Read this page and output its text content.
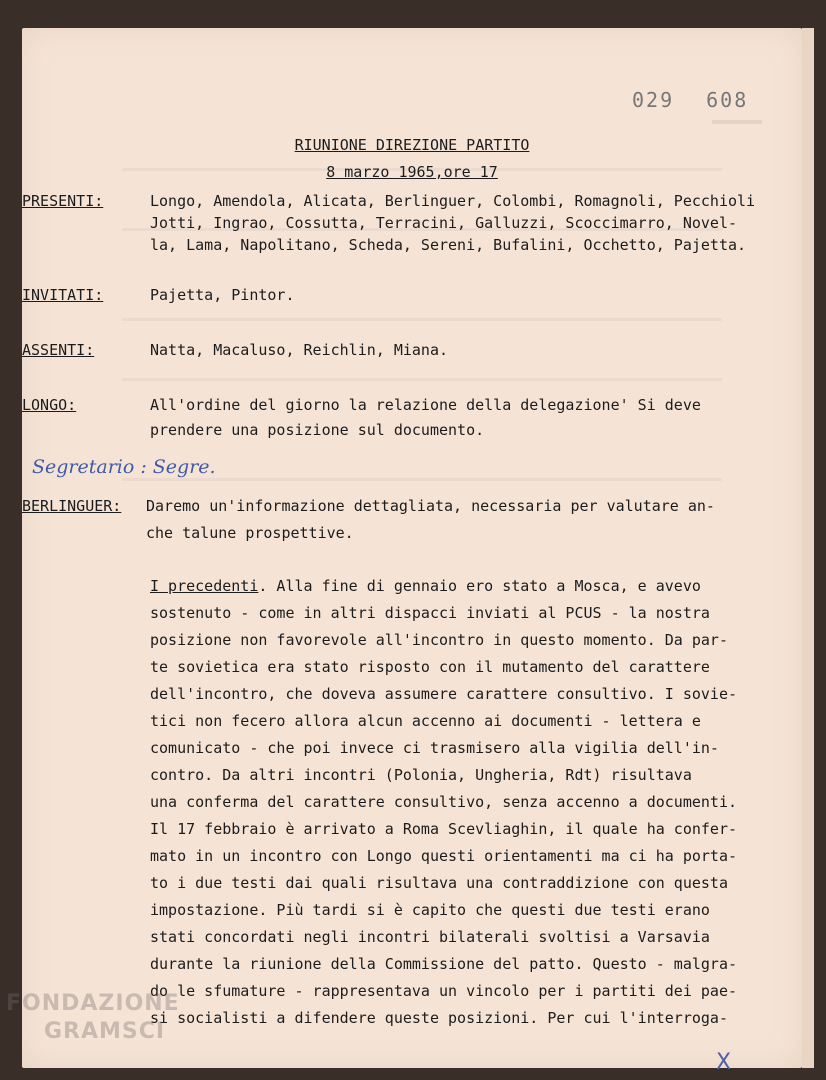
029 608
RIUNIONE DIREZIONE PARTITO
8 marzo 1965,ore 17
PRESENTI:	Longo, Amendola, Alicata, Berlinguer, Colombi, Romagnoli, Pecchioli
Jotti, Ingrao, Cossutta, Terracini, Galluzzi, Scoccimarro, Novel-
la, Lama, Napolitano, Scheda, Sereni, Bufalini, Occhetto, Pajetta.
INVITATI:	Pajetta, Pintor.
ASSENTI:	Natta, Macaluso, Reichlin, Miana.
LONGO:	All'ordine del giorno la relazione della delegazione' Si deve
prendere una posizione sul documento.
Segretario : Segre.
BERLINGUER:	Daremo un'informazione dettagliata, necessaria per valutare an-
che talune prospettive.
I precedenti. Alla fine di gennaio ero stato a Mosca, e avevo
sostenuto - come in altri dispacci inviati al PCUS - la nostra
posizione non favorevole all'incontro in questo momento. Da par-
te sovietica era stato risposto con il mutamento del carattere
dell'incontro, che doveva assumere carattere consultivo. I sovie-
tici non fecero allora alcun accenno ai documenti - lettera e
comunicato - che poi invece ci trasmisero alla vigilia dell'in-
contro. Da altri incontri (Polonia, Ungheria, Rdt) risultava
una conferma del carattere consultivo, senza accenno a documenti.
Il 17 febbraio è arrivato a Roma Scevliaghin, il quale ha confer-
mato in un incontro con Longo questi orientamenti ma ci ha porta-
to i due testi dai quali risultava una contraddizione con questa
impostazione. Più tardi si è capito che questi due testi erano
stati concordati negli incontri bilaterali svoltisi a Varsavia
durante la riunione della Commissione del patto. Questo - malgra-
do le sfumature - rappresentava un vincolo per i partiti dei pae-
si socialisti a difendere queste posizioni. Per cui l'interroga-
X
FONDAZIONE
GRAMSCI
